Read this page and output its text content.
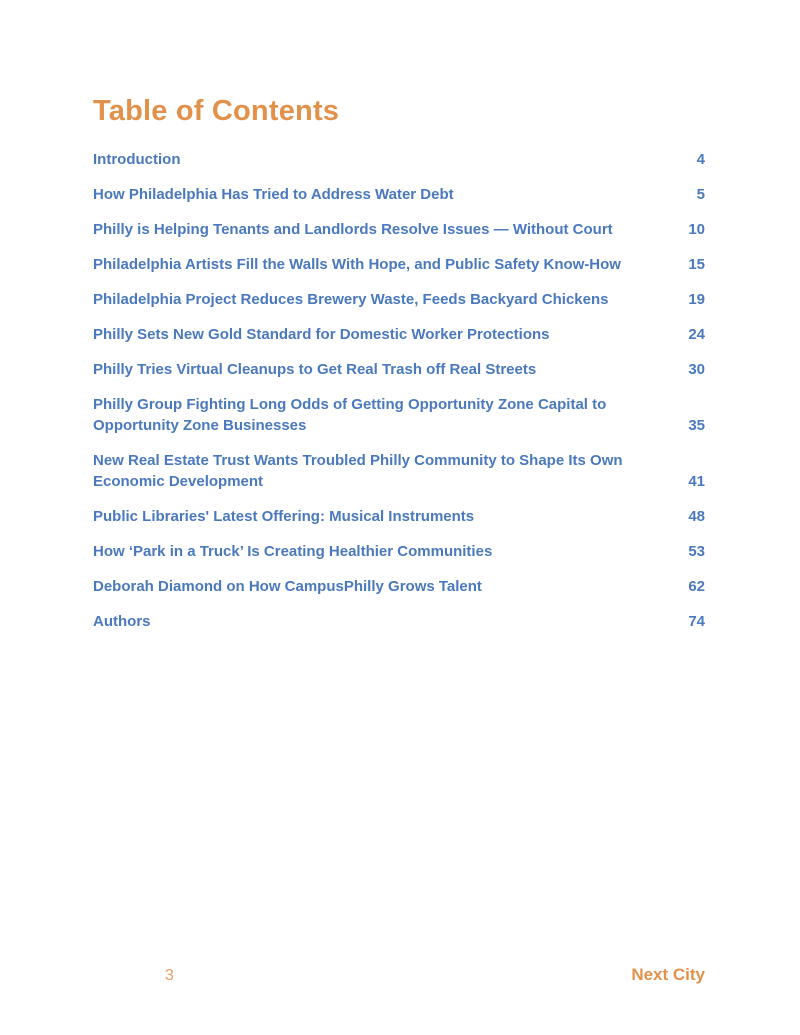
Table of Contents
Introduction	4
How Philadelphia Has Tried to Address Water Debt	5
Philly is Helping Tenants and Landlords Resolve Issues — Without Court	10
Philadelphia Artists Fill the Walls With Hope, and Public Safety Know-How	15
Philadelphia Project Reduces Brewery Waste, Feeds Backyard Chickens	19
Philly Sets New Gold Standard for Domestic Worker Protections	24
Philly Tries Virtual Cleanups to Get Real Trash off Real Streets	30
Philly Group Fighting Long Odds of Getting Opportunity Zone Capital to
Opportunity Zone Businesses	35
New Real Estate Trust Wants Troubled Philly Community to Shape Its Own
Economic Development	41
Public Libraries' Latest Offering: Musical Instruments	48
How ‘Park in a Truck’ Is Creating Healthier Communities	53
Deborah Diamond on How CampusPhilly Grows Talent	62
Authors	74
3	Next City
